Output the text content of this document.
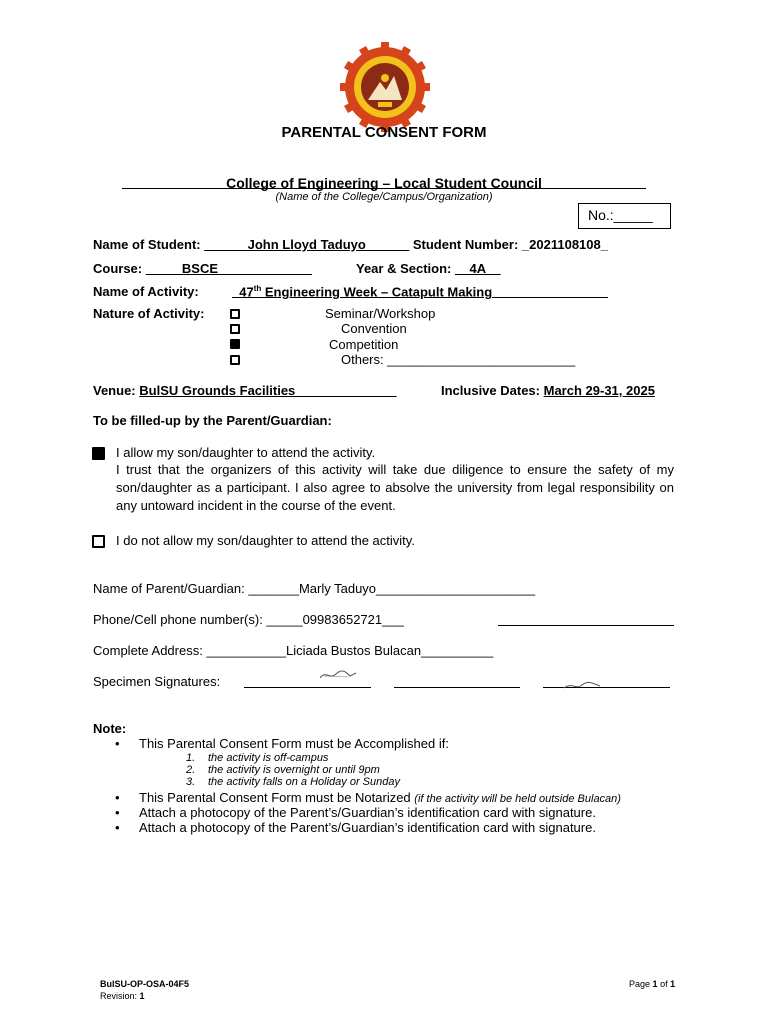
PARENTAL CONSENT FORM
College of Engineering – Local Student Council
(Name of the College/Campus/Organization)
No.:_____
Name of Student: ______John Lloyd Taduyo______ Student Number: _2021108108_
Course: _____BSCE_____________	Year & Section: __4A__
Name of Activity:	_47th Engineering Week – Catapult Making________________
Nature of Activity:	Seminar/Workshop
Convention
Competition
Others: __________________________
Venue: BulSU Grounds Facilities______________	Inclusive Dates: March 29-31, 2025
To be filled-up by the Parent/Guardian:
I allow my son/daughter to attend the activity.
I trust that the organizers of this activity will take due diligence to ensure the safety of my son/daughter as a participant. I also agree to absolve the university from legal responsibility on any untoward incident in the course of the event.
I do not allow my son/daughter to attend the activity.
Name of Parent/Guardian: _______Marly Taduyo______________________
Phone/Cell phone number(s): _____09983652721___
Complete Address: ___________Liciada Bustos Bulacan__________
Specimen Signatures:
Note:
• This Parental Consent Form must be Accomplished if:
1. the activity is off-campus
2. the activity is overnight or until 9pm
3. the activity falls on a Holiday or Sunday
• This Parental Consent Form must be Notarized (if the activity will be held outside Bulacan)
• Attach a photocopy of the Parent’s/Guardian’s identification card with signature.
• Attach a photocopy of the Parent’s/Guardian’s identification card with signature.
BulSU-OP-OSA-04F5
Revision: 1
Page 1 of 1
